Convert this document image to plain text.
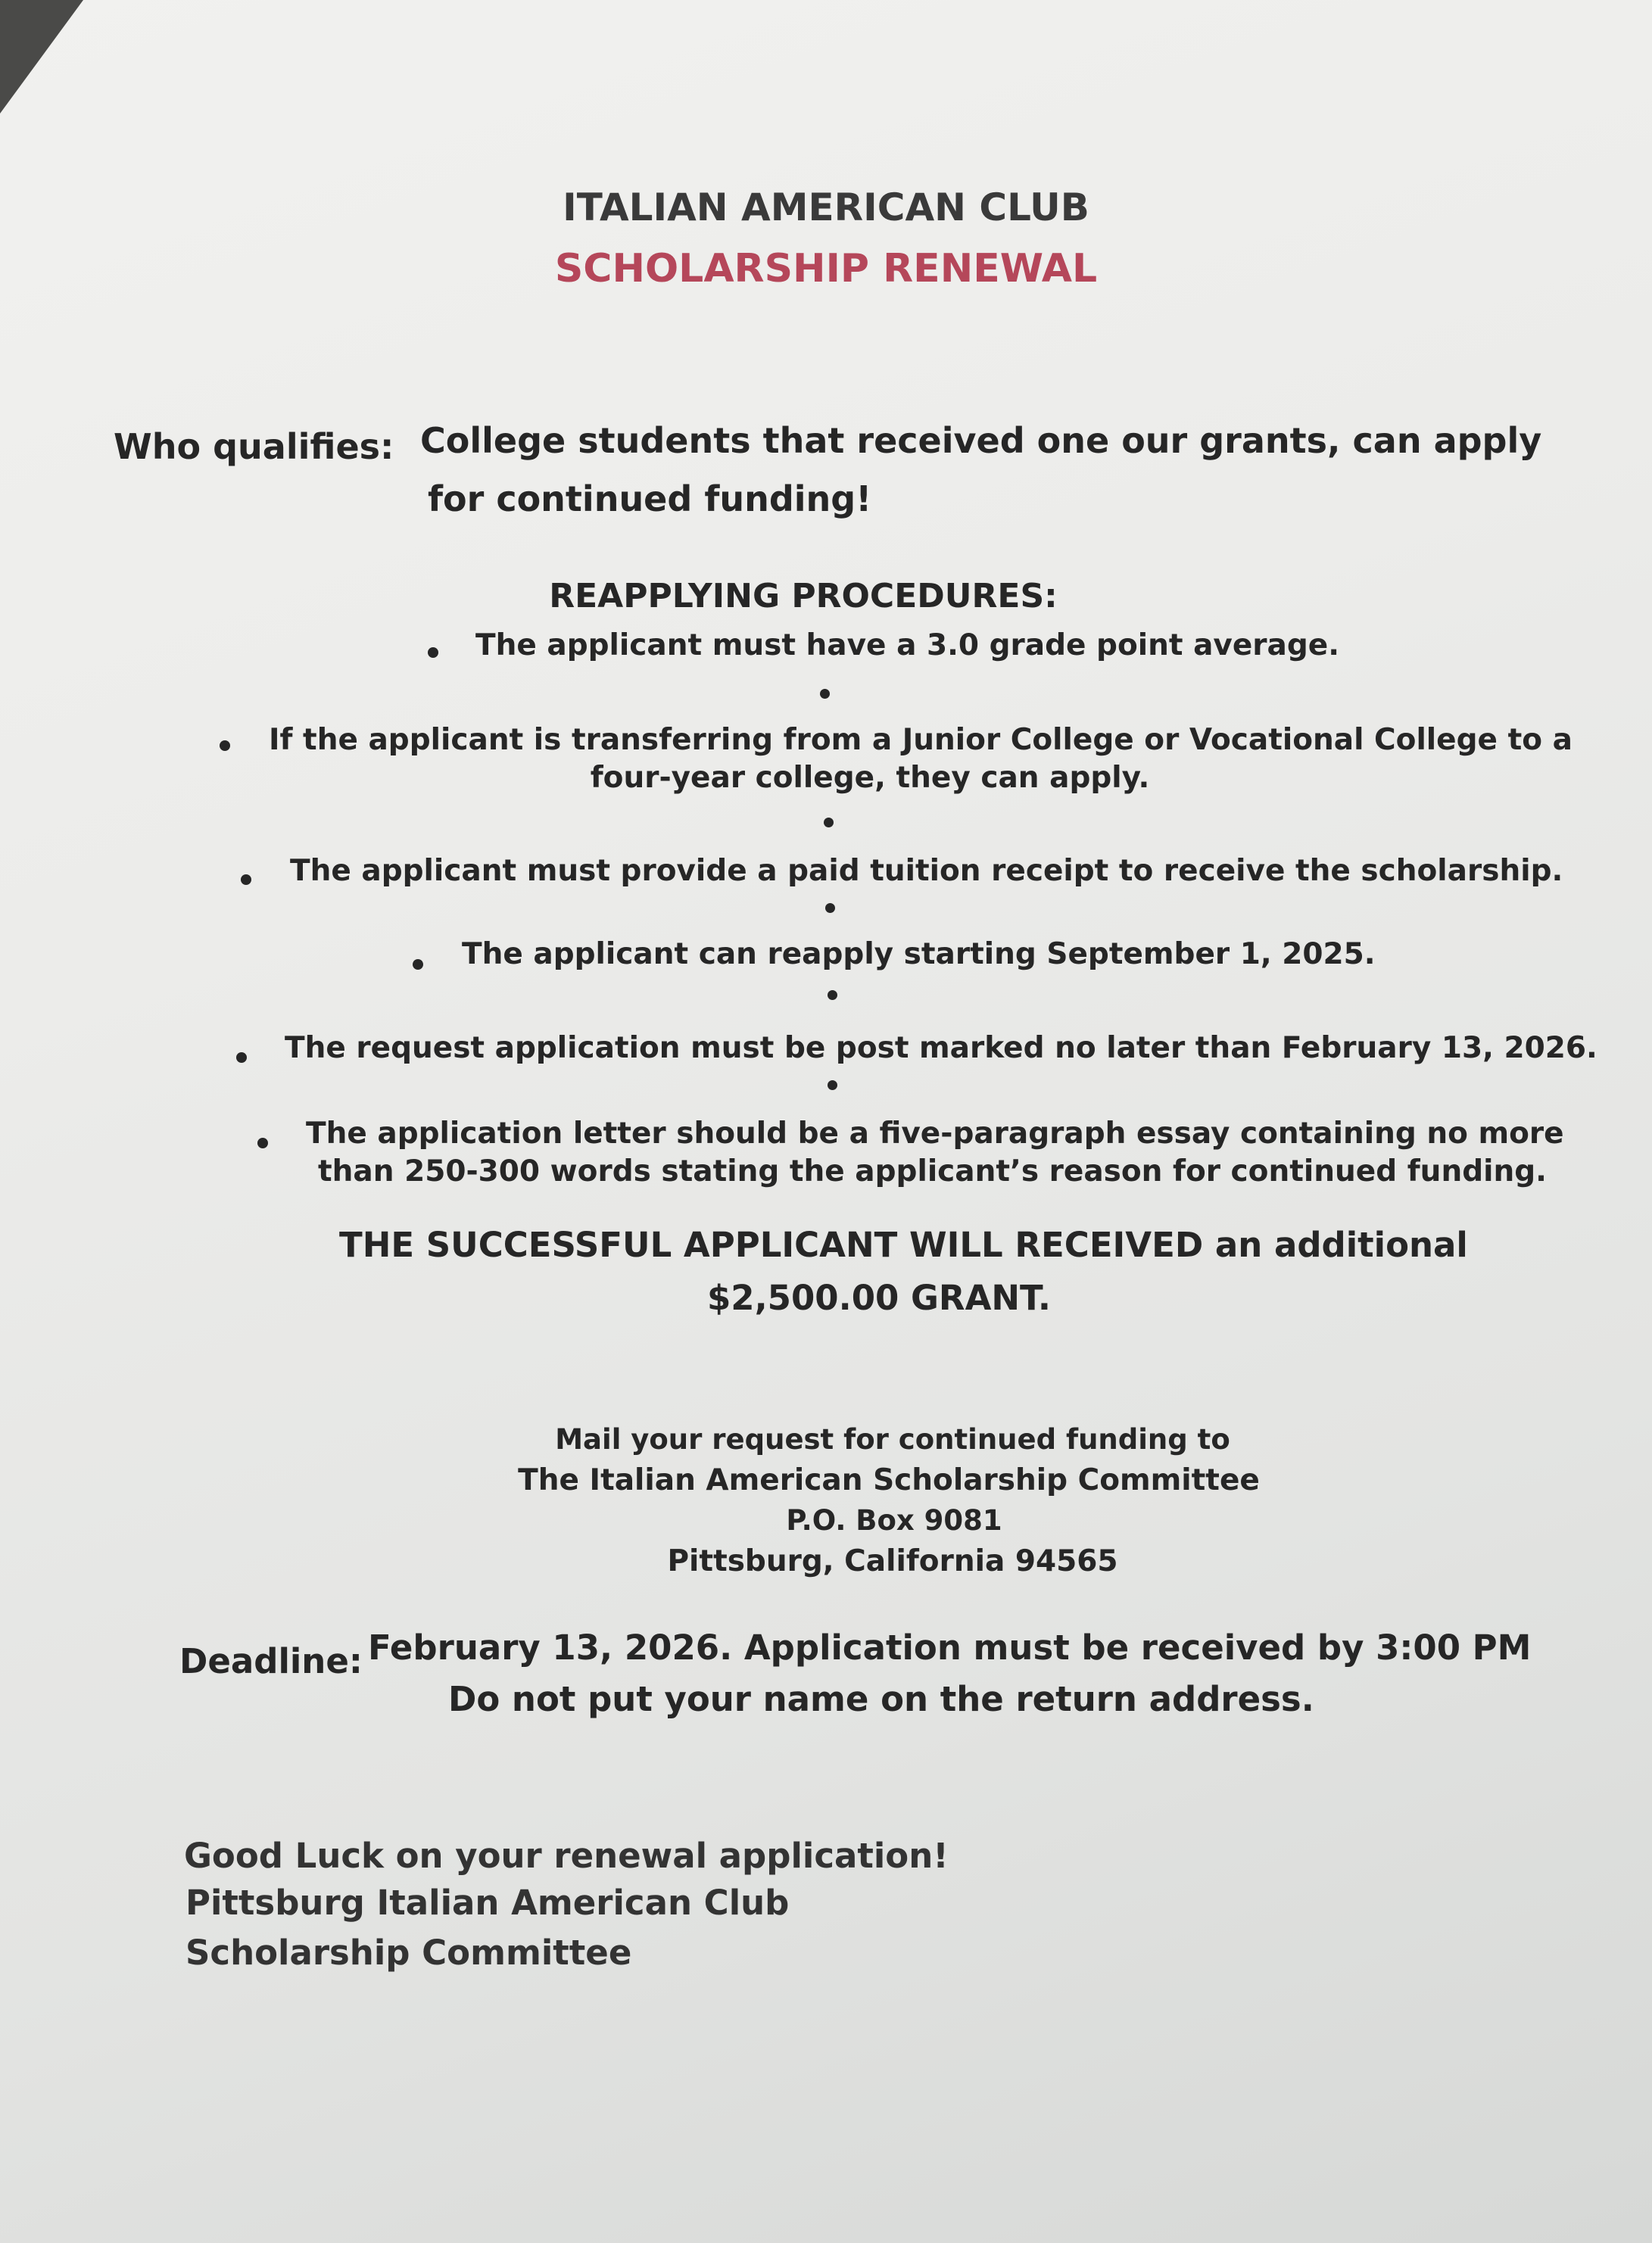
ITALIAN AMERICAN CLUB
SCHOLARSHIP RENEWAL
Who qualifies: College students that received one our grants, can apply
for continued funding!
REAPPLYING PROCEDURES:
The applicant must have a 3.0 grade point average.
If the applicant is transferring from a Junior College or Vocational College to a
four-year college, they can apply.
The applicant must provide a paid tuition receipt to receive the scholarship.
The applicant can reapply starting September 1, 2025.
The request application must be post marked no later than February 13, 2026.
The application letter should be a five-paragraph essay containing no more
than 250-300 words stating the applicant’s reason for continued funding.
THE SUCCESSFUL APPLICANT WILL RECEIVED an additional
$2,500.00 GRANT.
Mail your request for continued funding to
The Italian American Scholarship Committee
P.O. Box 9081
Pittsburg, California 94565
Deadline: February 13, 2026. Application must be received by 3:00 PM
Do not put your name on the return address.
Good Luck on your renewal application!
Pittsburg Italian American Club
Scholarship Committee
